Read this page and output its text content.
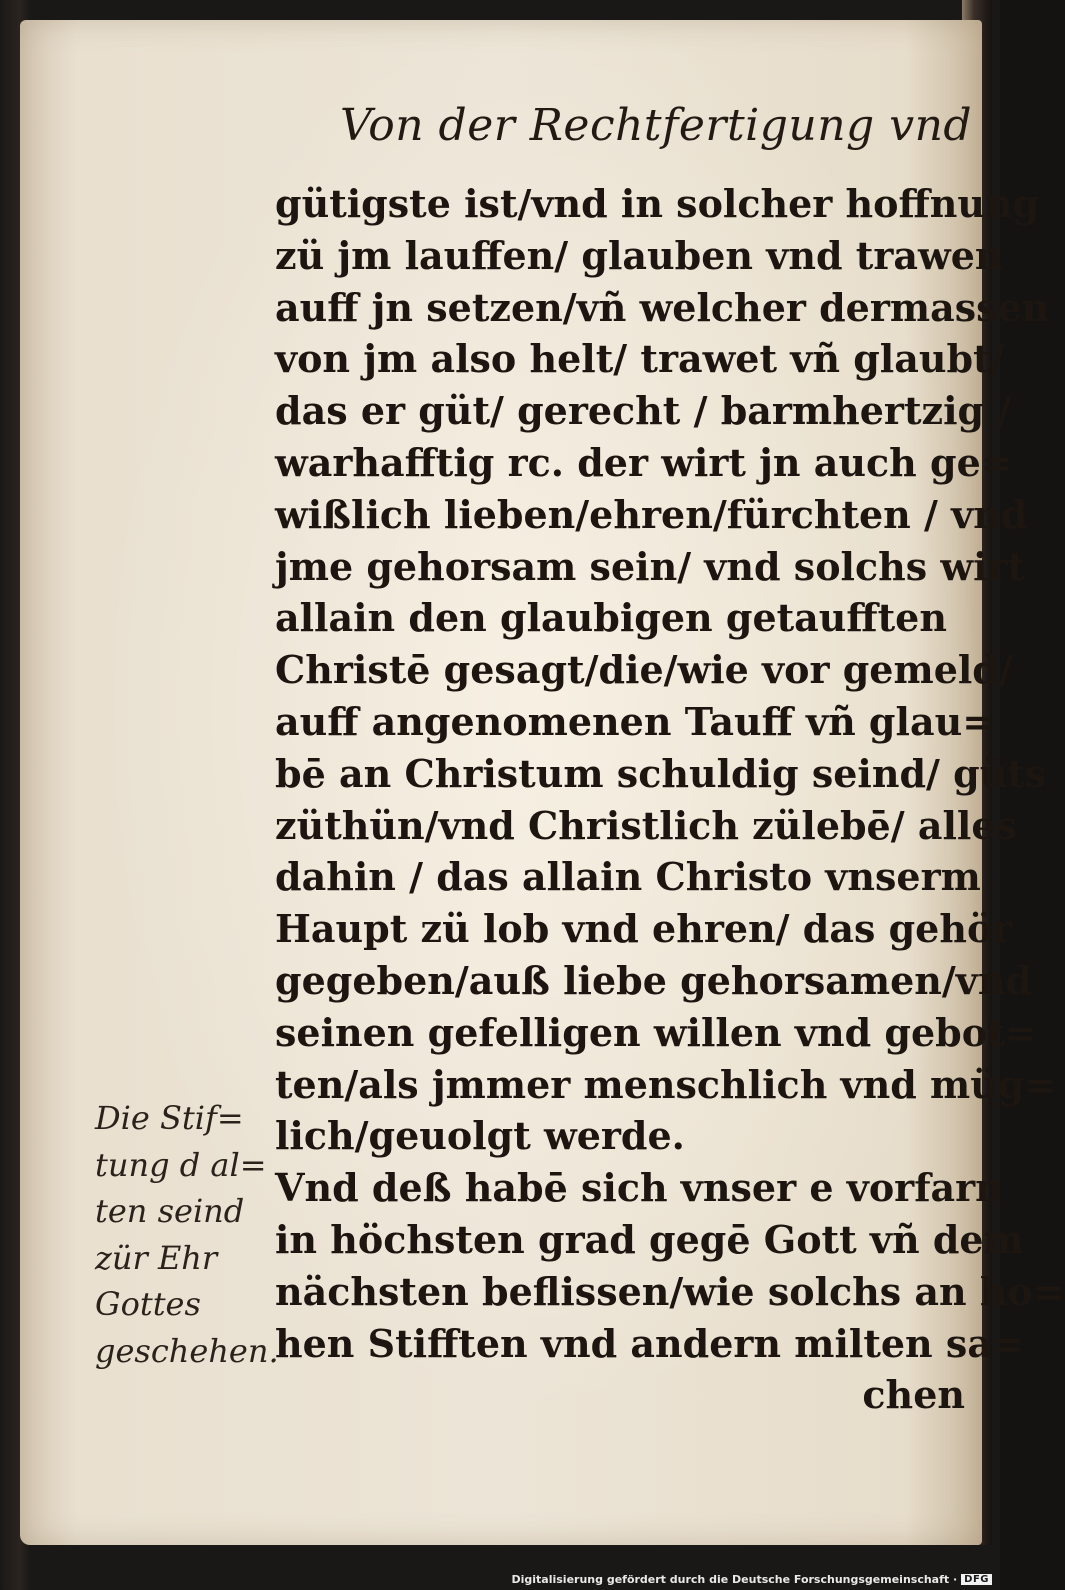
Von der Rechtfertigung vnd
gütigste ist/vnd in solcher hoffnung
zü jm lauffen/ glauben vnd trawen
auff jn setzen/vñ welcher dermassen
von jm also helt/ trawet vñ glaubt/
das er güt/ gerecht / barmhertzig /
warhafftig rc. der wirt jn auch ge=
wißlich lieben/ehren/fürchten / vnd
jme gehorsam sein/ vnd solchs wirt
allain den glaubigen getaufften
Christē gesagt/die/wie vor gemeld/
auff angenomenen Tauff vñ glau=
bē an Christum schuldig seind/ güts
züthün/vnd Christlich zülebē/ alles
dahin / das allain Christo vnserm
Haupt zü lob vnd ehren/ das gehör
gegeben/auß liebe gehorsamen/vnd
seinen gefelligen willen vnd gebot=
ten/als jmmer menschlich vnd müg=
lich/geuolgt werde.
Vnd deß habē sich vnser e vorfarn
in höchsten grad gegē Gott vñ dem
nächsten beflissen/wie solchs an ho=
hen Stifften vnd andern milten sa=
chen
Die Stif=
tung d al=
ten seind
zür Ehr
Gottes
geschehen.
Digitalisierung gefördert durch die Deutsche Forschungsgemeinschaft · DFG
